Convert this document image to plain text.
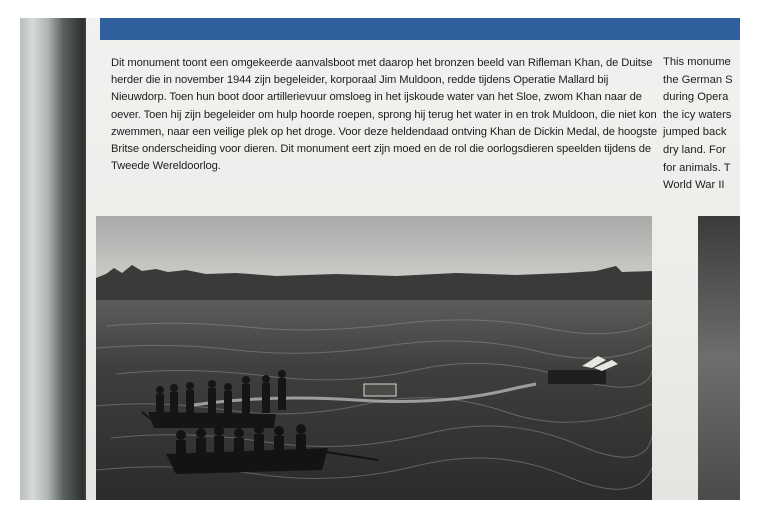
Dit monument toont een omgekeerde aanvalsboot met daarop het bronzen beeld van Rifleman Khan, de Duitse herder die in november 1944 zijn begeleider, korporaal Jim Muldoon, redde tijdens Operatie Mallard bij Nieuwdorp. Toen hun boot door artillerievuur omsloeg in het ijskoude water van het Sloe, zwom Khan naar de oever. Toen hij zijn begeleider om hulp hoorde roepen, sprong hij terug het water in en trok Muldoon, die niet kon zwemmen, naar een veilige plek op het droge. Voor deze heldendaad ontving Khan de Dickin Medal, de hoogste Britse onderscheiding voor dieren. Dit monument eert zijn moed en de rol die oorlogsdieren speelden tijdens de Tweede Wereldoorlog.

This monume
the German S
during Opera
the icy waters
jumped back
dry land. For
for animals. T
World War II
